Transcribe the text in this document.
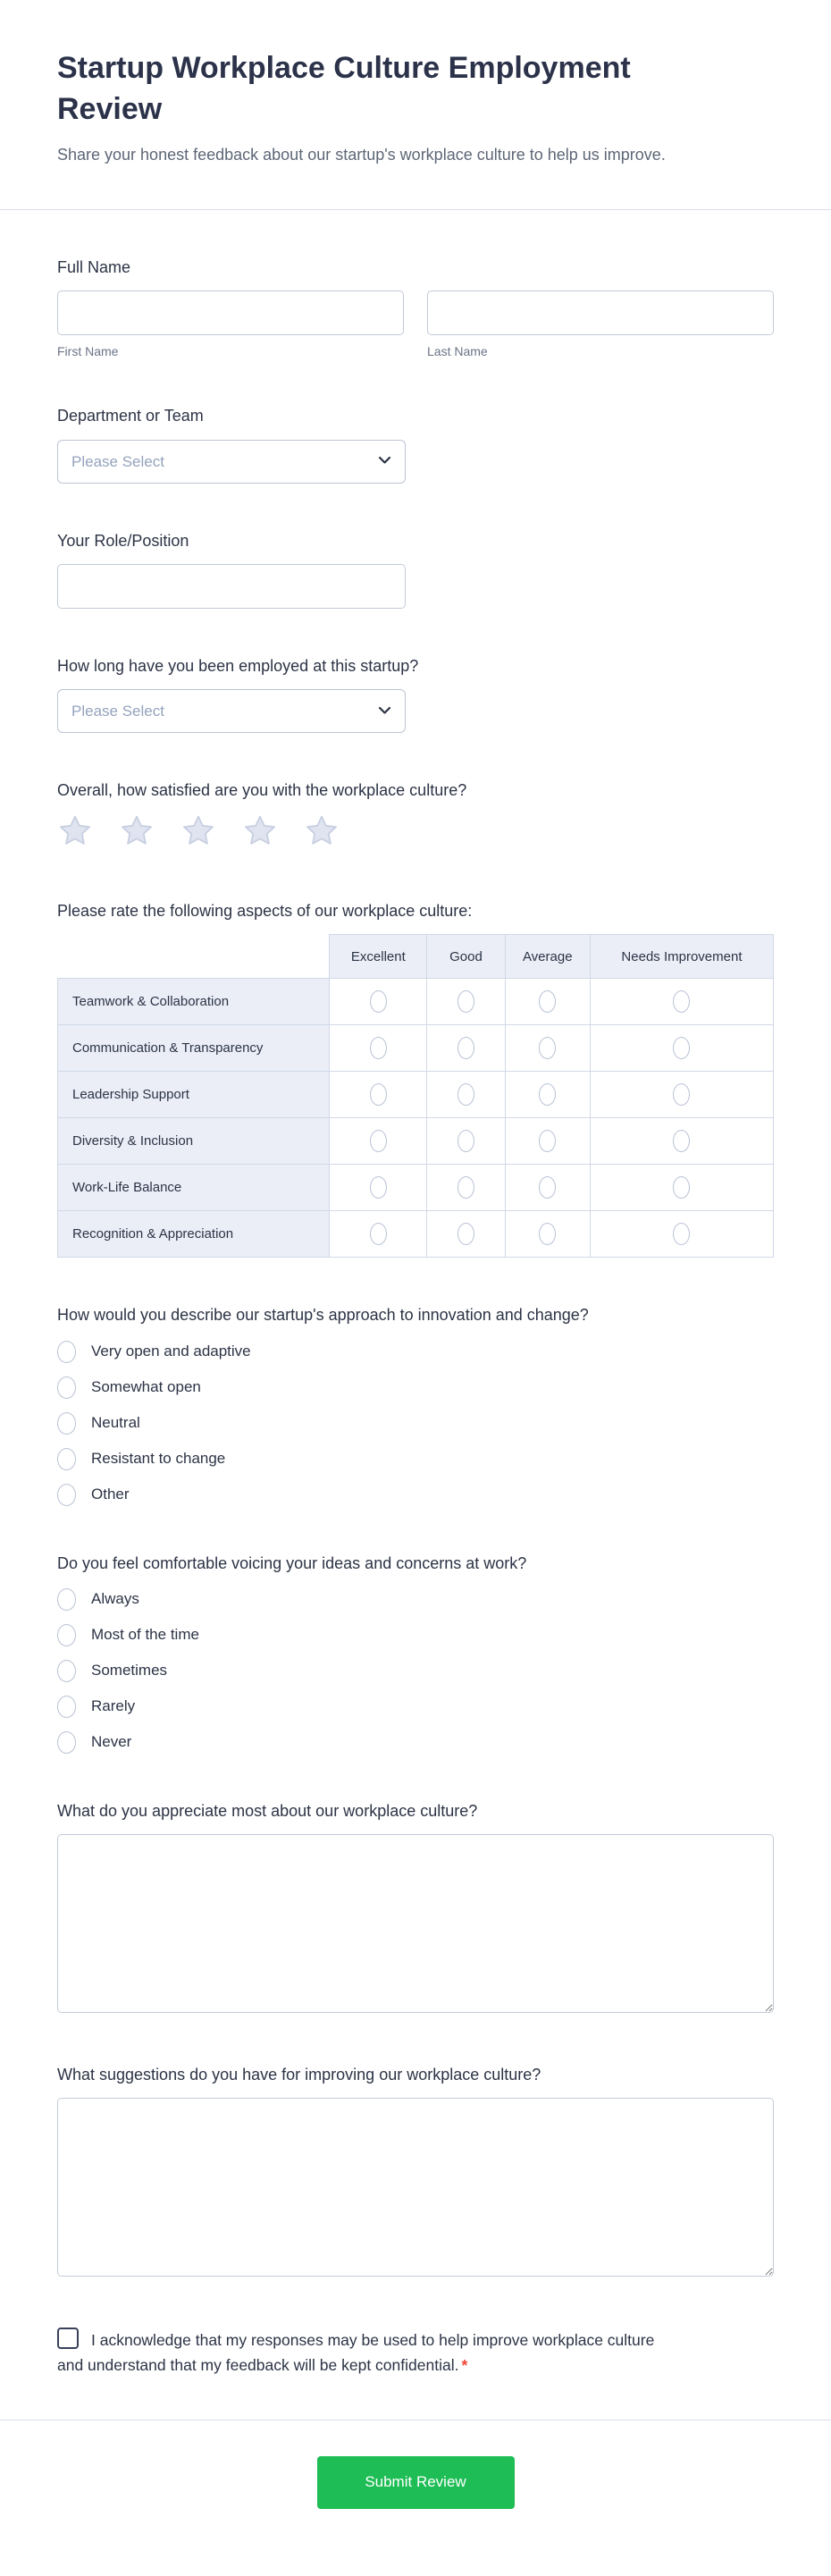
Startup Workplace Culture Employment Review

Share your honest feedback about our startup's workplace culture to help us improve.

Full Name
First Name	Last Name
Department or Team
Please Select
Your Role/Position
How long have you been employed at this startup?
Please Select
Overall, how satisfied are you with the workplace culture?
Please rate the following aspects of our workplace culture:
	Excellent	Good	Average	Needs Improvement
Teamwork & Collaboration				
Communication & Transparency				
Leadership Support				
Diversity & Inclusion				
Work-Life Balance				
Recognition & Appreciation				
How would you describe our startup's approach to innovation and change?
Very open and adaptive
Somewhat open
Neutral
Resistant to change
Other
Do you feel comfortable voicing your ideas and concerns at work?
Always
Most of the time
Sometimes
Rarely
Never
What do you appreciate most about our workplace culture?
What suggestions do you have for improving our workplace culture?
I acknowledge that my responses may be used to help improve workplace culture and understand that my feedback will be kept confidential. *
Submit Review
